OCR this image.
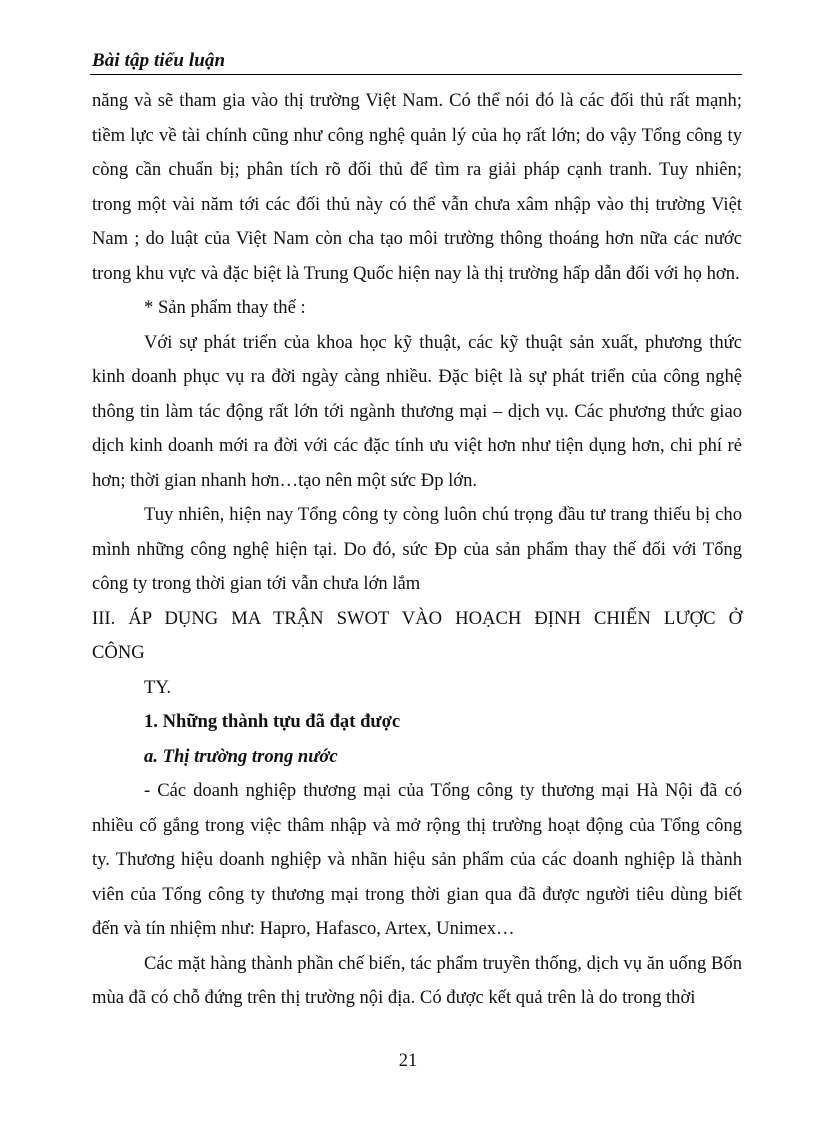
Bài tập tiểu luận

năng và sẽ tham gia vào thị trường Việt Nam. Có thể nói đó là các đối thủ rất mạnh; tiềm lực về tài chính cũng như công nghệ quản lý của họ rất lớn; do vậy Tổng công ty còng cần chuẩn bị; phân tích rõ đối thủ để tìm ra giải pháp cạnh tranh. Tuy nhiên; trong một vài năm tới các đối thủ này có thể vẫn chưa xâm nhập vào thị trường Việt Nam ; do luật của Việt Nam còn cha tạo môi trường thông thoáng hơn nữa các nước trong khu vực và đặc biệt là Trung Quốc hiện nay là thị trường hấp dẫn đối với họ hơn.

* Sản phẩm thay thế :

Với sự phát triển của khoa học kỹ thuật, các kỹ thuật sản xuất, phương thức kinh doanh phục vụ ra đời ngày càng nhiều. Đặc biệt là sự phát triển của công nghệ thông tin làm tác động rất lớn tới ngành thương mại – dịch vụ. Các phương thức giao dịch kinh doanh mới ra đời với các đặc tính ưu việt hơn như tiện dụng hơn, chi phí rẻ hơn; thời gian nhanh hơn…tạo nên một sức Ðp lớn.

Tuy nhiên, hiện nay Tổng công ty còng luôn chú trọng đầu tư trang thiếu bị cho mình những công nghệ hiện tại. Do đó, sức Ðp của sản phẩm thay thế đối với Tổng công ty trong thời gian tới vẫn chưa lớn lắm

III. ÁP DỤNG MA TRẬN SWOT VÀO HOẠCH ĐỊNH CHIẾN LƯỢC Ở CÔNG
TY.

1. Những thành tựu đã đạt được

a. Thị trường trong nước

- Các doanh nghiệp thương mại của Tổng công ty thương mại Hà Nội đã có nhiều cố gắng trong việc thâm nhập và mở rộng thị trường hoạt động của Tổng công ty. Thương hiệu doanh nghiệp và nhãn hiệu sản phẩm của các doanh nghiệp là thành viên của Tổng công ty thương mại trong thời gian qua đã được người tiêu dùng biết đến và tín nhiệm như: Hapro, Hafasco, Artex, Unimex…

Các mặt hàng thành phần chế biến, tác phẩm truyền thống, dịch vụ ăn uống Bốn mùa đã có chỗ đứng trên thị trường nội địa. Có được kết quả trên là do trong thời

21
